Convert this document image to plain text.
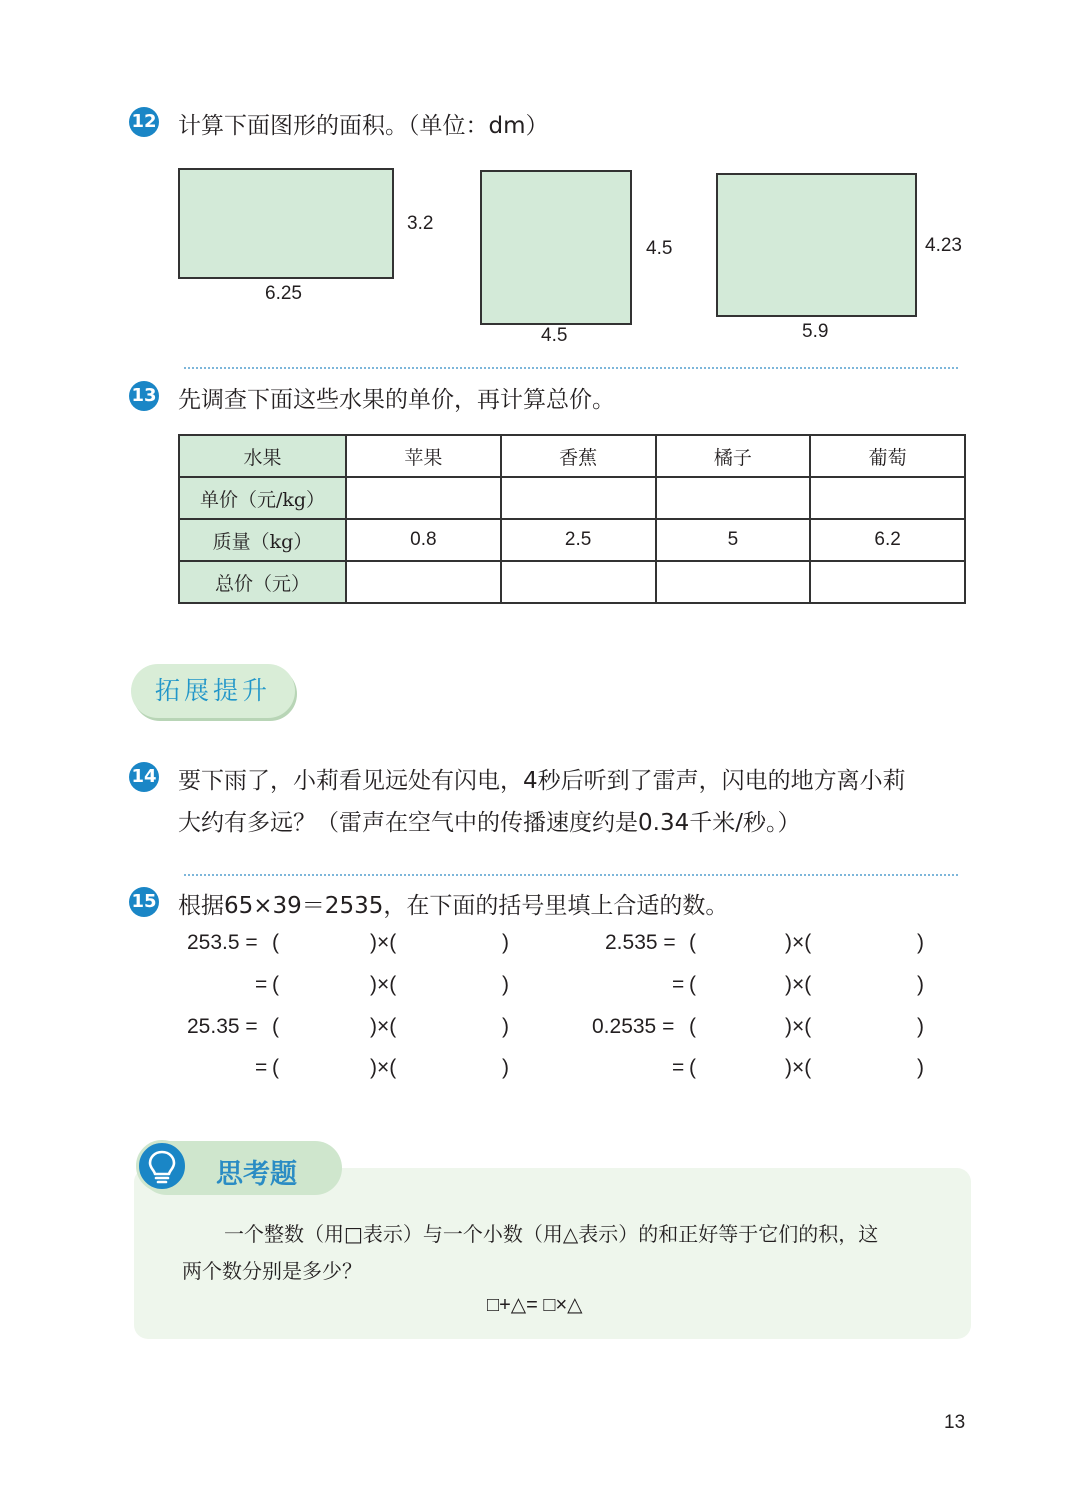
12 计算下面图形的面积。（单位：dm）
3.2
6.25
4.5
4.5
4.23
5.9
13 先调查下面这些水果的单价，再计算总价。
水果	苹果	香蕉	橘子	葡萄
单价（元/kg）				
质量（kg）	0.8	2.5	5	6.2
总价（元）				
拓展提升
14 要下雨了，小莉看见远处有闪电，4秒后听到了雷声，闪电的地方离小莉
大约有多远？（雷声在空气中的传播速度约是0.34千米/秒。）
15 根据65×39＝2535，在下面的括号里填上合适的数。
253.5 = (	)×(	)
= (	)×(	)
25.35 = (	)×(	)
= (	)×(	)
2.535 = (	)×(	)
= (	)×(	)
0.2535 = (	)×(	)
= (	)×(	)
思考题
一个整数（用□表示）与一个小数（用△表示）的和正好等于它们的积，这
两个数分别是多少？
□+△= □×△
13
